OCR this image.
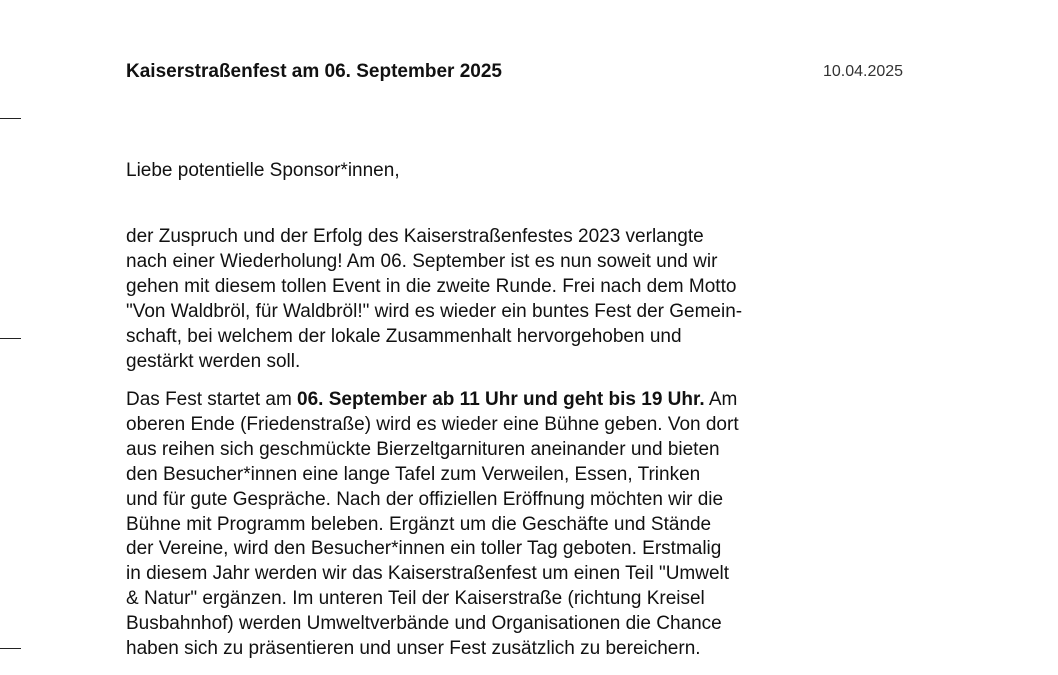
Kaiserstraßenfest am 06. September 2025	10.04.2025
Liebe potentielle Sponsor*innen,
der Zuspruch und der Erfolg des Kaiserstraßenfestes 2023 verlangte
nach einer Wiederholung! Am 06. September ist es nun soweit und wir
gehen mit diesem tollen Event in die zweite Runde. Frei nach dem Motto
"Von Waldbröl, für Waldbröl!" wird es wieder ein buntes Fest der Gemein-
schaft, bei welchem der lokale Zusammenhalt hervorgehoben und
gestärkt werden soll.
Das Fest startet am 06. September ab 11 Uhr und geht bis 19 Uhr. Am
oberen Ende (Friedenstraße) wird es wieder eine Bühne geben. Von dort
aus reihen sich geschmückte Bierzeltgarnituren aneinander und bieten
den Besucher*innen eine lange Tafel zum Verweilen, Essen, Trinken
und für gute Gespräche. Nach der offiziellen Eröffnung möchten wir die
Bühne mit Programm beleben. Ergänzt um die Geschäfte und Stände
der Vereine, wird den Besucher*innen ein toller Tag geboten. Erstmalig
in diesem Jahr werden wir das Kaiserstraßenfest um einen Teil "Umwelt
& Natur" ergänzen. Im unteren Teil der Kaiserstraße (richtung Kreisel
Busbahnhof) werden Umweltverbände und Organisationen die Chance
haben sich zu präsentieren und unser Fest zusätzlich zu bereichern.
